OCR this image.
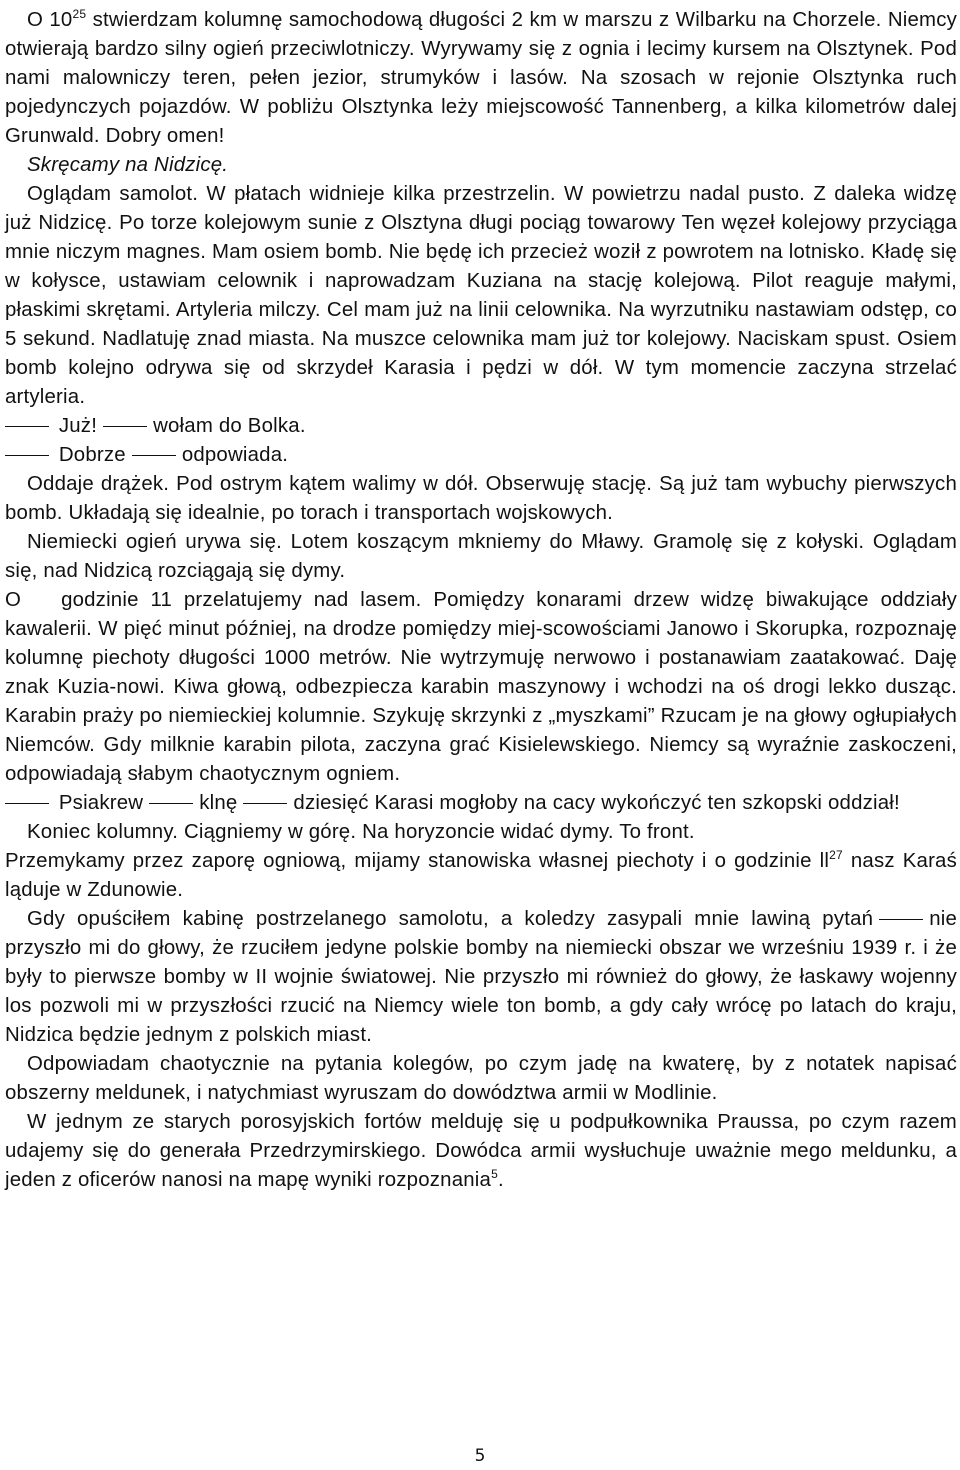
O $10^{25}$ stwierdzam kolumnę samochodową długości 2 km w marszu z Wilbarku na Chorzele. Niemcy otwierają bardzo silny ogień przeciwlotniczy. Wyrywamy się z ognia i lecimy kursem na Olsztynek. Pod nami malowniczy teren, pełen jezior, strumyków i lasów. Na szosach w rejonie Olsztynka ruch pojedynczych pojazdów. W pobliżu Olsztynka leży miejscowość Tannenberg, a kilka kilometrów dalej Grunwald. Dobry omen!

Skręcamy na Nidzicę.

Oglądam samolot. W płatach widnieje kilka przestrzelin. W powietrzu nadal pusto. Z daleka widzę już Nidzicę. Po torze kolejowym sunie z Olsztyna długi pociąg towarowy Ten węzeł kolejowy przyciąga mnie niczym magnes. Mam osiem bomb. Nie będę ich przecież woził z powrotem na lotnisko. Kładę się w kołysce, ustawiam celownik i naprowadzam Kuziana na stację kolejową. Pilot reaguje małymi, płaskimi skrętami. Artyleria milczy. Cel mam już na linii celownika. Na wyrzutniku nastawiam odstęp, co 5 sekund. Nadlatuję znad miasta. Na muszce celownika mam już tor kolejowy. Naciskam spust. Osiem bomb kolejno odrywa się od skrzydeł Karasia i pędzi w dół. W tym momencie zaczyna strzelać artyleria.

Już!	wołam do Bolka.

Dobrze	odpowiada.

Oddaje drążek. Pod ostrym kątem walimy w dół. Obserwuję stację. Są już tam wybuchy pierwszych bomb. Układają się idealnie, po torach i transportach wojskowych.

Niemiecki ogień urywa się. Lotem koszącym mkniemy do Mławy. Gramolę się z kołyski. Oglądam się, nad Nidzicą rozciągają się dymy.

O godzinie 11 przelatujemy nad lasem. Pomiędzy konarami drzew widzę biwakujące oddziały kawalerii. W pięć minut później, na drodze pomiędzy miej-scowościami Janowo i Skorupka, rozpoznaję kolumnę piechoty długości 1000 metrów. Nie wytrzymuję nerwowo i postanawiam zaatakować. Daję znak Kuzia-nowi. Kiwa głową, odbezpiecza karabin maszynowy i wchodzi na oś drogi lekko dusząc. Karabin praży po niemieckiej kolumnie. Szykuję skrzynki z „myszkami” Rzucam je na głowy ogłupiałych Niemców. Gdy milknie karabin pilota, zaczyna grać Kisielewskiego. Niemcy są wyraźnie zaskoczeni, odpowiadają słabym chaotycznym ogniem.

Psiakrew	klnę	dziesięć Karasi mogłoby na cacy wykończyć ten szkopski oddział!

Koniec kolumny. Ciągniemy w górę. Na horyzoncie widać dymy. To front.

Przemykamy przez zaporę ogniową, mijamy stanowiska własnej piechoty i o godzinie $ll^{27}$ nasz Karaś ląduje w Zdunowie.

Gdy opuściłem kabinę postrzelanego samolotu, a koledzy zasypali mnie lawiną pytań	nie przyszło mi do głowy, że rzuciłem jedyne polskie bomby na niemiecki obszar we wrześniu 1939 r. i że były to pierwsze bomby w II wojnie światowej. Nie przyszło mi również do głowy, że łaskawy wojenny los pozwoli mi w przyszłości rzucić na Niemcy wiele ton bomb, a gdy cały wrócę po latach do kraju, Nidzica będzie jednym z polskich miast.

Odpowiadam chaotycznie na pytania kolegów, po czym jadę na kwaterę, by z notatek napisać obszerny meldunek, i natychmiast wyruszam do dowództwa armii w Modlinie.

W jednym ze starych porosyjskich fortów melduję się u podpułkownika Praussa, po czym razem udajemy się do generała Przedrzymirskiego. Dowódca armii wysłuchuje uważnie mego meldunku, a jeden z oficerów nanosi na mapę wyniki rozpoznania$^5$.

5
